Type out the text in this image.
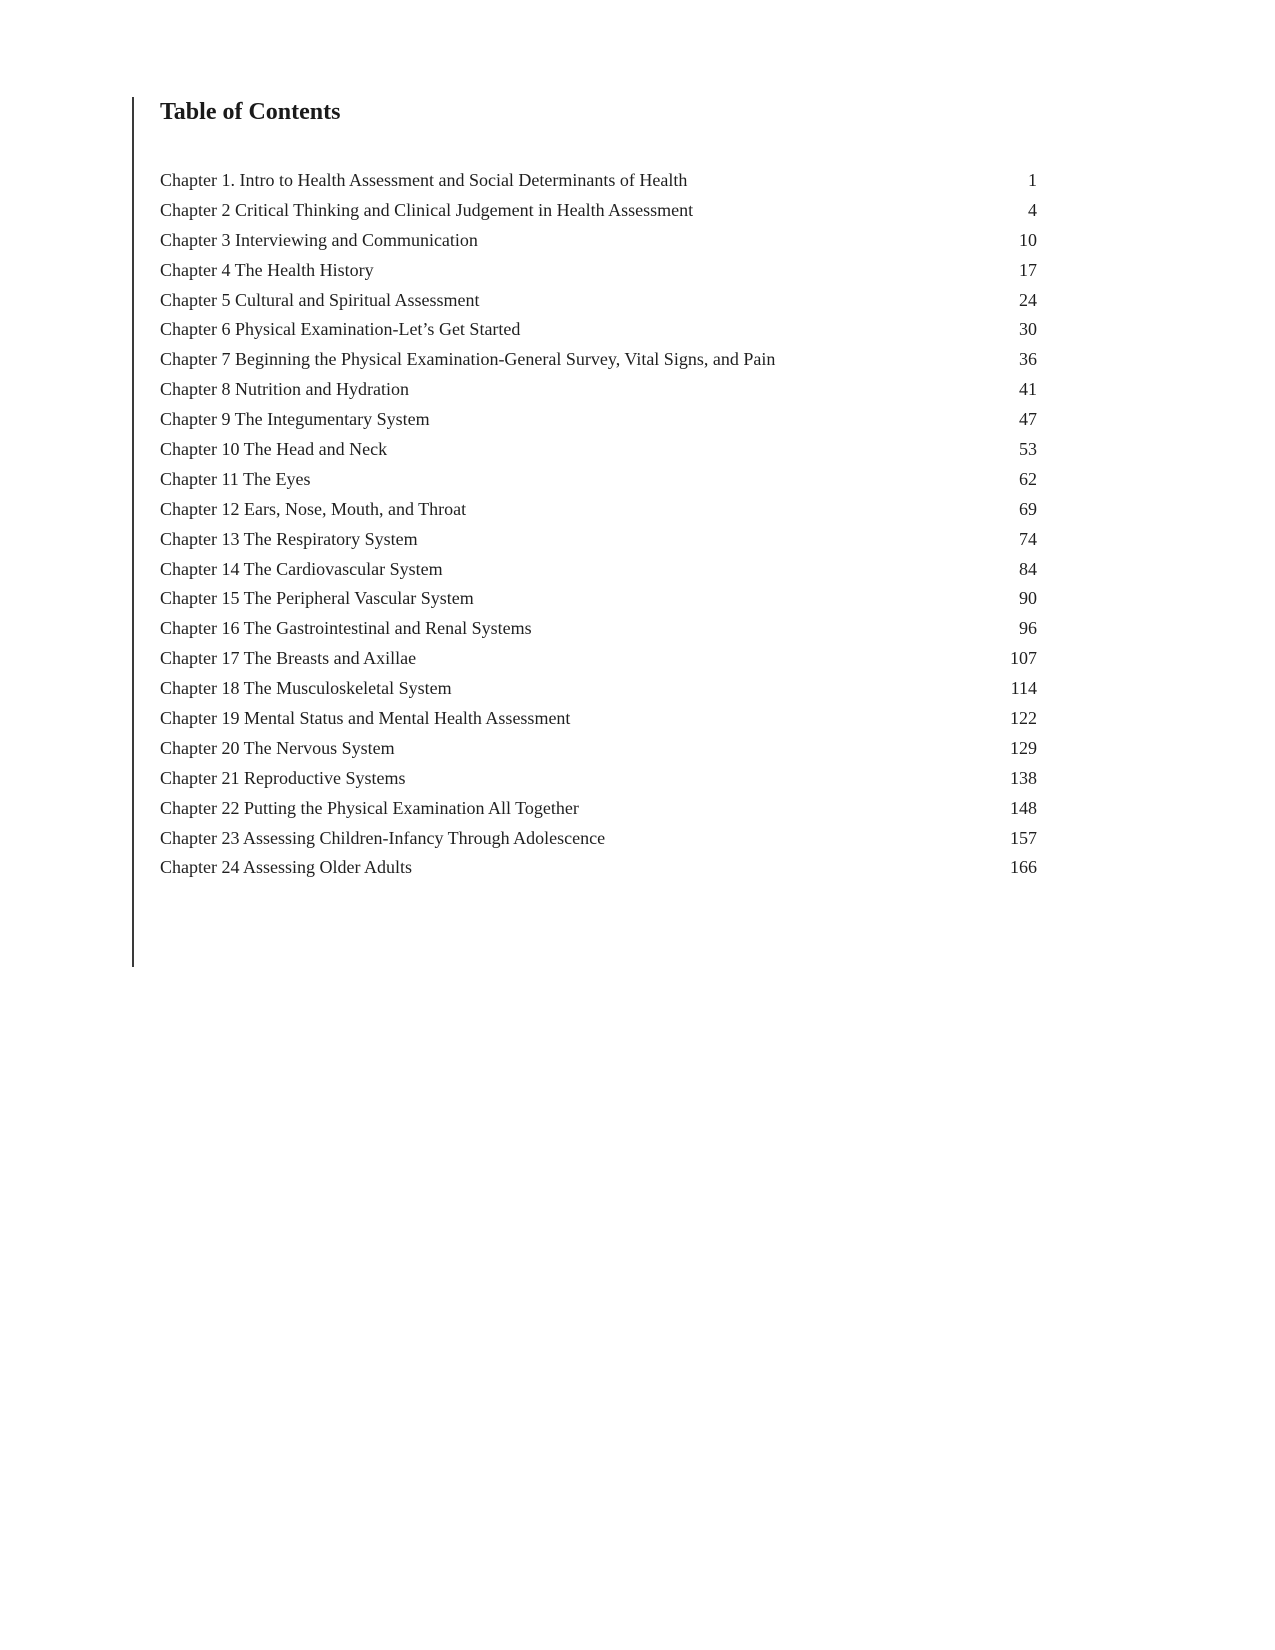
Table of Contents
Chapter 1. Intro to Health Assessment and Social Determinants of Health	1
Chapter 2 Critical Thinking and Clinical Judgement in Health Assessment	4
Chapter 3 Interviewing and Communication	10
Chapter 4 The Health History	17
Chapter 5 Cultural and Spiritual Assessment	24
Chapter 6 Physical Examination-Let’s Get Started	30
Chapter 7 Beginning the Physical Examination-General Survey, Vital Signs, and Pain	36
Chapter 8 Nutrition and Hydration	41
Chapter 9 The Integumentary System	47
Chapter 10 The Head and Neck	53
Chapter 11 The Eyes	62
Chapter 12 Ears, Nose, Mouth, and Throat	69
Chapter 13 The Respiratory System	74
Chapter 14 The Cardiovascular System	84
Chapter 15 The Peripheral Vascular System	90
Chapter 16 The Gastrointestinal and Renal Systems	96
Chapter 17 The Breasts and Axillae	107
Chapter 18 The Musculoskeletal System	114
Chapter 19 Mental Status and Mental Health Assessment	122
Chapter 20 The Nervous System	129
Chapter 21 Reproductive Systems	138
Chapter 22 Putting the Physical Examination All Together	148
Chapter 23 Assessing Children-Infancy Through Adolescence	157
Chapter 24 Assessing Older Adults	166
